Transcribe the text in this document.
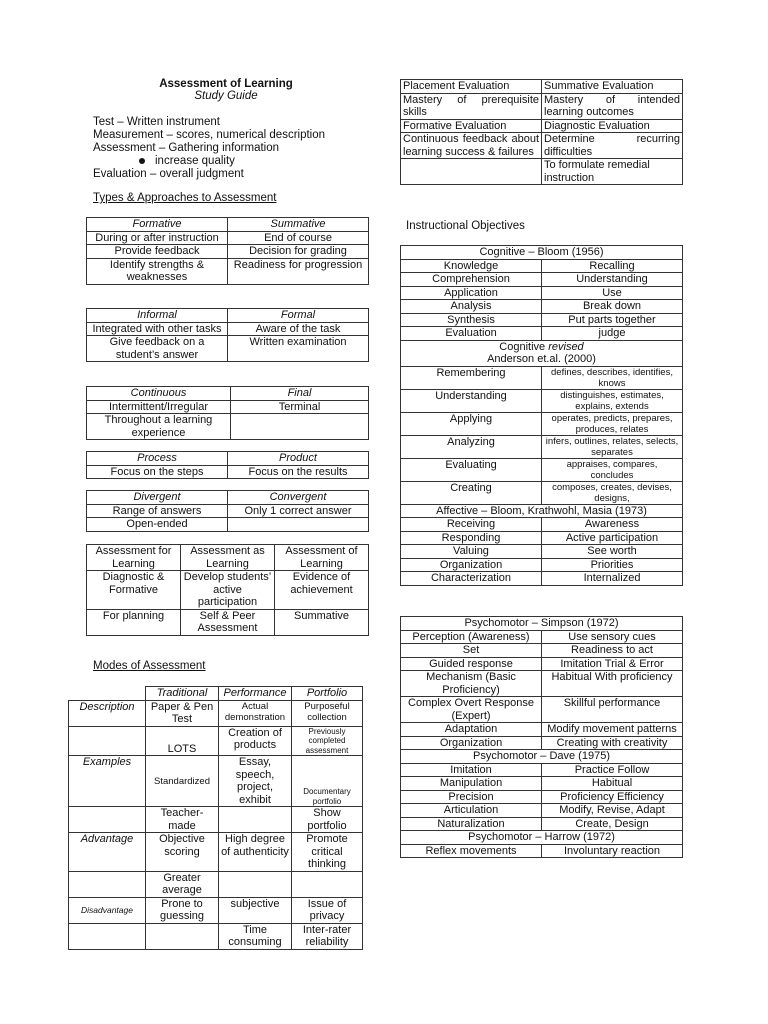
Assessment of Learning
Study Guide
Test – Written instrument
Measurement – scores, numerical description
Assessment – Gathering information
increase quality
Evaluation – overall judgment
Types & Approaches to Assessment
Formative	Summative
During or after instruction	End of course
Provide feedback	Decision for grading
Identify strengths & weaknesses	Readiness for progression
Informal	Formal
Integrated with other tasks	Aware of the task
Give feedback on a student’s answer	Written examination
Continuous	Final
Intermittent/Irregular	Terminal
Throughout a learning experience	
Process	Product
Focus on the steps	Focus on the results
Divergent	Convergent
Range of answers	Only 1 correct answer
Open-ended	
Assessment for Learning	Assessment as Learning	Assessment of Learning
Diagnostic & Formative	Develop students’ active participation	Evidence of achievement
For planning	Self & Peer Assessment	Summative
Modes of Assessment
	Traditional	Performance	Portfolio
Description	Paper & Pen Test	Actual demonstration	Purposeful collection
	LOTS	Creation of products	Previously completed assessment
Examples	Standardized	Essay, speech, project, exhibit	Documentary portfolio
	Teacher-made		Show portfolio
Advantage	Objective scoring	High degree of authenticity	Promote critical thinking
	Greater average		
Disadvantage	Prone to guessing	subjective	Issue of privacy
		Time consuming	Inter-rater reliability
Placement Evaluation	Summative Evaluation
Mastery of prerequisite skills	Mastery of intended learning outcomes
Formative Evaluation	Diagnostic Evaluation
Continuous feedback about learning success & failures	Determine recurring difficulties
	To formulate remedial instruction
Instructional Objectives
Cognitive – Bloom (1956)	
Knowledge	Recalling
Comprehension	Understanding
Application	Use
Analysis	Break down
Synthesis	Put parts together
Evaluation	judge
Cognitive revised
Anderson et.al. (2000)	
Remembering	defines, describes, identifies, knows
Understanding	distinguishes, estimates, explains, extends
Applying	operates, predicts, prepares, produces, relates
Analyzing	infers, outlines, relates, selects, separates
Evaluating	appraises, compares, concludes
Creating	composes, creates, devises, designs,
Affective – Bloom, Krathwohl, Masia (1973)	
Receiving	Awareness
Responding	Active participation
Valuing	See worth
Organization	Priorities
Characterization	Internalized
Psychomotor – Simpson (1972)	
Perception (Awareness)	Use sensory cues
Set	Readiness to act
Guided response	Imitation Trial & Error
Mechanism (Basic Proficiency)	Habitual With proficiency
Complex Overt Response (Expert)	Skillful performance
Adaptation	Modify movement patterns
Organization	Creating with creativity
Psychomotor – Dave (1975)	
Imitation	Practice Follow
Manipulation	Habitual
Precision	Proficiency Efficiency
Articulation	Modify, Revise, Adapt
Naturalization	Create, Design
Psychomotor – Harrow (1972)	
Reflex movements	Involuntary reaction
